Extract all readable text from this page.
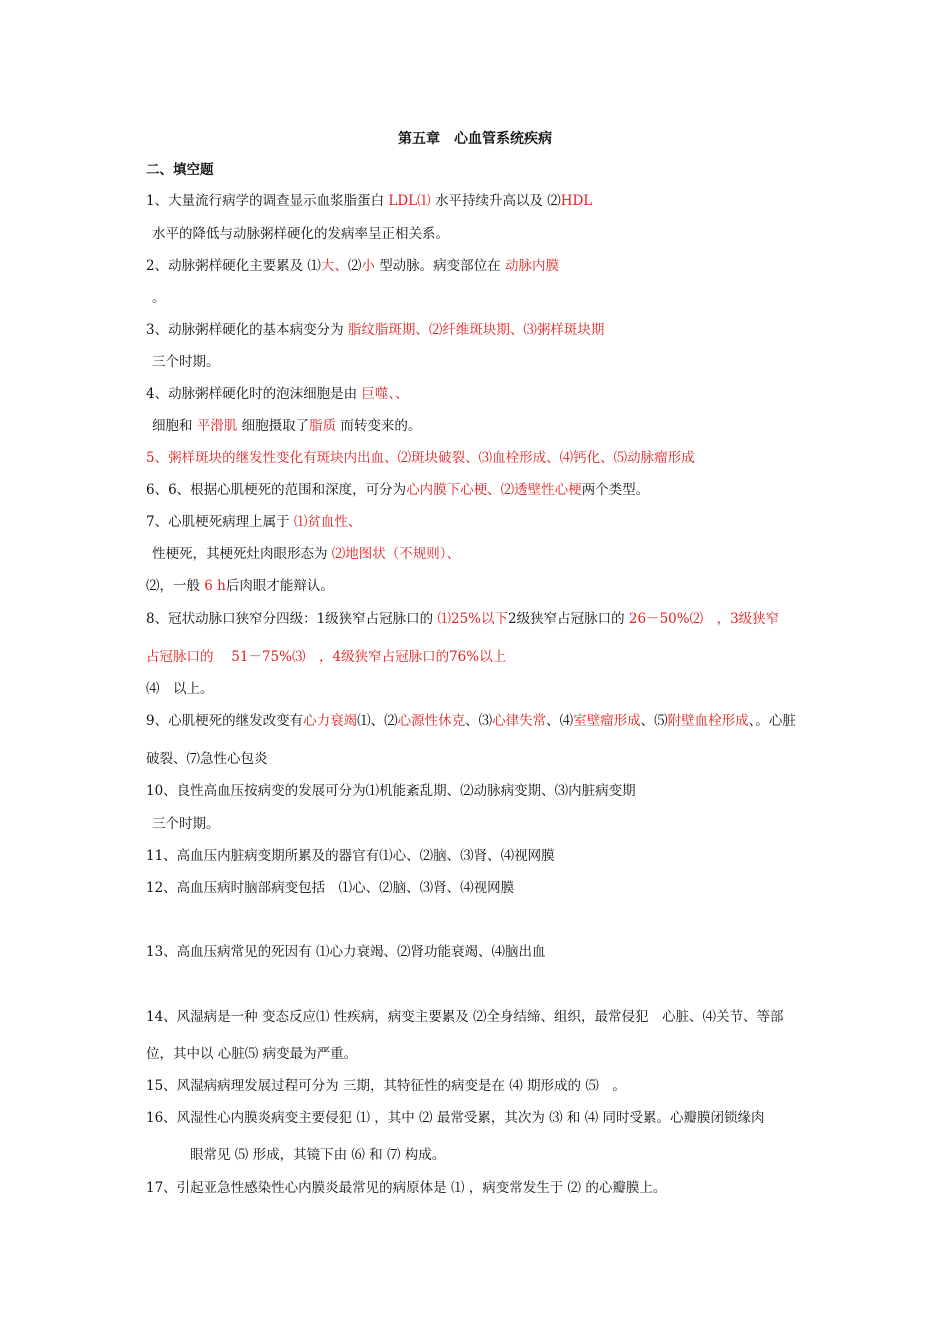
第五章　心血管系统疾病
二、填空题
1、大量流行病学的调查显示血浆脂蛋白 LDL⑴ 水平持续升高以及 ⑵HDL
水平的降低与动脉粥样硬化的发病率呈正相关系。
2、动脉粥样硬化主要累及 ⑴大、⑵小 型动脉。病变部位在 动脉内膜
。
3、动脉粥样硬化的基本病变分为 脂纹脂斑期、⑵纤维斑块期、⑶粥样斑块期
三个时期。
4、动脉粥样硬化时的泡沫细胞是由 巨噬、、
细胞和 平滑肌 细胞摄取了脂质 而转变来的。
5、粥样斑块的继发性变化有斑块内出血、⑵斑块破裂、⑶血栓形成、⑷钙化、⑸动脉瘤形成
6、6、根据心肌梗死的范围和深度，可分为心内膜下心梗、⑵透壁性心梗两个类型。
7、心肌梗死病理上属于 ⑴贫血性、
性梗死，其梗死灶肉眼形态为 ⑵地图状（不规则）、
⑵，一般 6 h后肉眼才能辩认。
8、冠状动脉口狭窄分四级：1级狭窄占冠脉口的 ⑴25%以下2级狭窄占冠脉口的 26－50%⑵　，3级狭窄
占冠脉口的　 51－75%⑶　，4级狭窄占冠脉口的76%以上
⑷　以上。
9、心肌梗死的继发改变有心力衰竭⑴、⑵心源性休克、⑶心律失常、⑷室壁瘤形成、⑸附壁血栓形成、。心脏
破裂、⑺急性心包炎
10、良性高血压按病变的发展可分为⑴机能紊乱期、⑵动脉病变期、⑶内脏病变期
三个时期。
11、高血压内脏病变期所累及的器官有⑴心、⑵脑、⑶肾、⑷视网膜
12、高血压病时脑部病变包括　⑴心、⑵脑、⑶肾、⑷视网膜
13、高血压病常见的死因有 ⑴心力衰竭、⑵肾功能衰竭、⑷脑出血
14、风湿病是一种 变态反应⑴ 性疾病，病变主要累及 ⑵全身结缔、组织，最常侵犯　心脏、⑷关节、等部
位，其中以 心脏⑸ 病变最为严重。
15、风湿病病理发展过程可分为 三期，其特征性的病变是在 ⑷ 期形成的 ⑸　。
16、风湿性心内膜炎病变主要侵犯 ⑴ ，其中 ⑵ 最常受累，其次为 ⑶ 和 ⑷ 同时受累。心瓣膜闭锁缘肉
眼常见 ⑸ 形成，其镜下由 ⑹ 和 ⑺ 构成。
17、引起亚急性感染性心内膜炎最常见的病原体是 ⑴ ，病变常发生于 ⑵ 的心瓣膜上。
